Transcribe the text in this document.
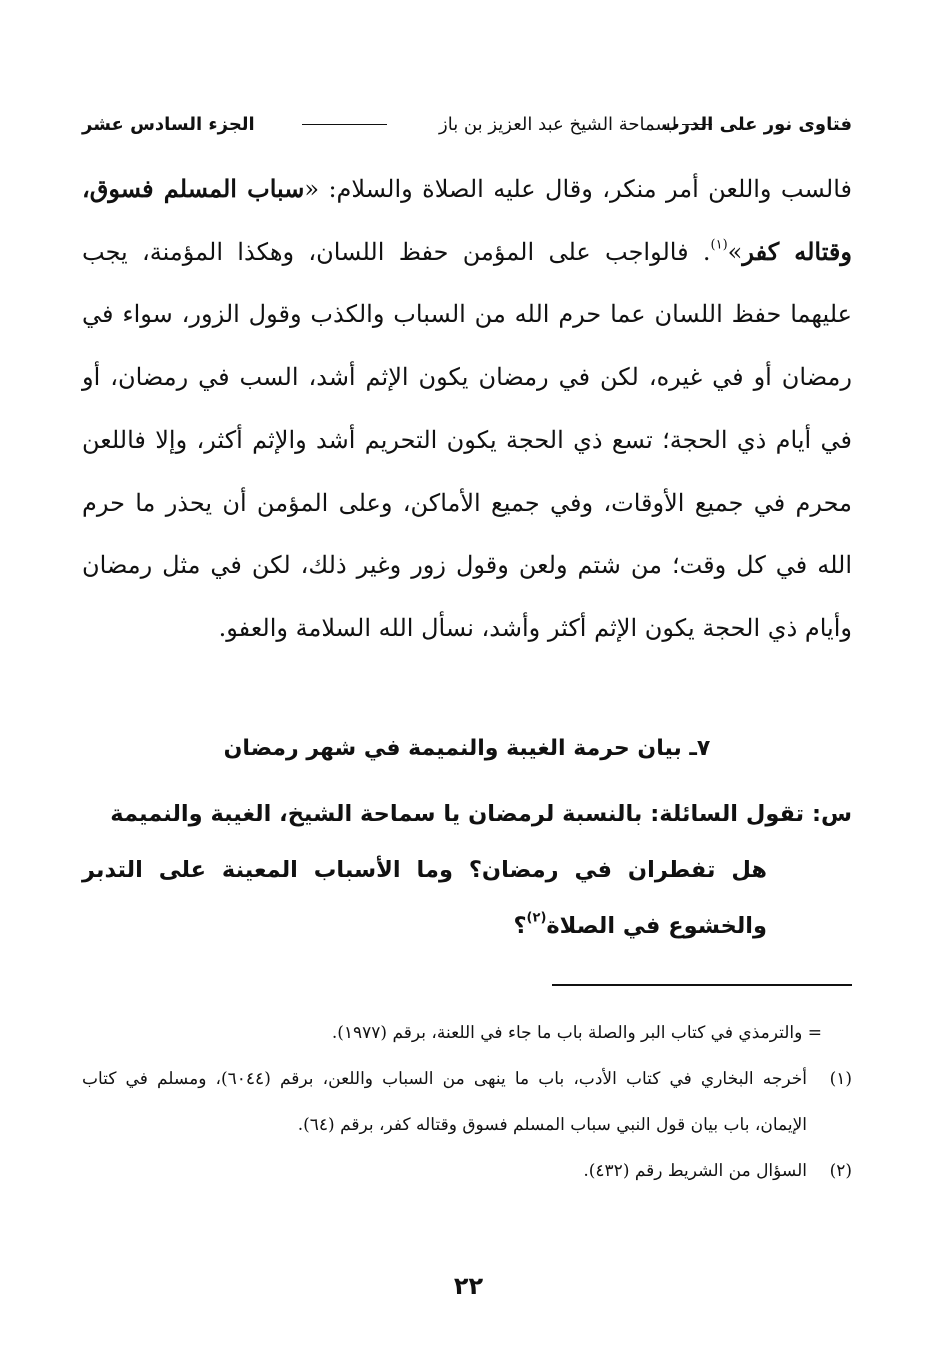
فتاوى نور على الدرب
لسماحة الشيخ عبد العزيز بن باز
الجزء السادس عشر

فالسب واللعن أمر منكر، وقال عليه الصلاة والسلام: «سباب المسلم فسوق، وقتاله كفر»$^{(١)}$. فالواجب على المؤمن حفظ اللسان، وهكذا المؤمنة، يجب عليهما حفظ اللسان عما حرم الله من السباب والكذب وقول الزور، سواء في رمضان أو في غيره، لكن في رمضان يكون الإثم أشد، السب في رمضان، أو في أيام ذي الحجة؛ تسع ذي الحجة يكون التحريم أشد والإثم أكثر، وإلا فاللعن محرم في جميع الأوقات، وفي جميع الأماكن، وعلى المؤمن أن يحذر ما حرم الله في كل وقت؛ من شتم ولعن وقول زور وغير ذلك، لكن في مثل رمضان وأيام ذي الحجة يكون الإثم أكثر وأشد، نسأل الله السلامة والعفو.

٧ـ بيان حرمة الغيبة والنميمة في شهر رمضان
س: تقول السائلة: بالنسبة لرمضان يا سماحة الشيخ، الغيبة والنميمة
هل تفطران في رمضان؟ وما الأسباب المعينة على التدبر والخشوع في الصلاة$^{(٢)}$؟

= والترمذي في كتاب البر والصلة باب ما جاء في اللعنة، برقم (١٩٧٧).

(١)
أخرجه البخاري في كتاب الأدب، باب ما ينهى من السباب واللعن، برقم (٦٠٤٤)، ومسلم في كتاب الإيمان، باب بيان قول النبي سباب المسلم فسوق وقتاله كفر، برقم (٦٤).

(٢)
السؤال من الشريط رقم (٤٣٢).

٢٢
